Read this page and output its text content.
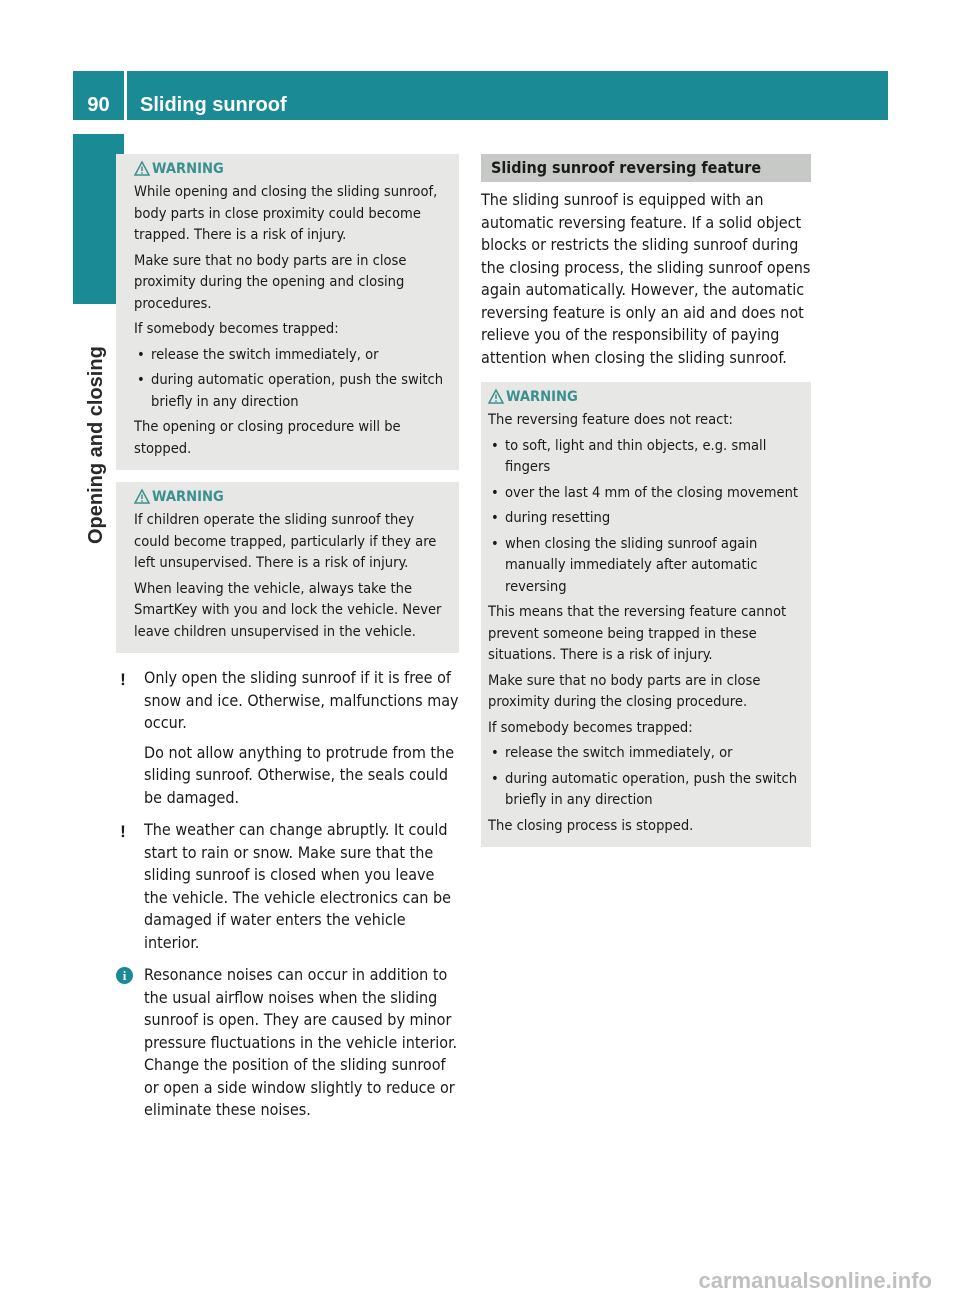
90	Sliding sunroof
Opening and closing
WARNING

While opening and closing the sliding sunroof, body parts in close proximity could become trapped. There is a risk of injury.

Make sure that no body parts are in close proximity during the opening and closing procedures.

If somebody becomes trapped:

• release the switch immediately, or
• during automatic operation, push the switch briefly in any direction

The opening or closing procedure will be stopped.

WARNING

If children operate the sliding sunroof they could become trapped, particularly if they are left unsupervised. There is a risk of injury.

When leaving the vehicle, always take the SmartKey with you and lock the vehicle. Never leave children unsupervised in the vehicle.

! Only open the sliding sunroof if it is free of snow and ice. Otherwise, malfunctions may occur.

Do not allow anything to protrude from the sliding sunroof. Otherwise, the seals could be damaged.

! The weather can change abruptly. It could start to rain or snow. Make sure that the sliding sunroof is closed when you leave the vehicle. The vehicle electronics can be damaged if water enters the vehicle interior.

i	Resonance noises can occur in addition to the usual airflow noises when the sliding sunroof is open. They are caused by minor pressure fluctuations in the vehicle interior. Change the position of the sliding sunroof or open a side window slightly to reduce or eliminate these noises.

Sliding sunroof reversing feature

The sliding sunroof is equipped with an automatic reversing feature. If a solid object blocks or restricts the sliding sunroof during the closing process, the sliding sunroof opens again automatically. However, the automatic reversing feature is only an aid and does not relieve you of the responsibility of paying attention when closing the sliding sunroof.

WARNING

The reversing feature does not react:

• to soft, light and thin objects, e.g. small fingers
• over the last 4 mm of the closing movement
• during resetting
• when closing the sliding sunroof again manually immediately after automatic reversing

This means that the reversing feature cannot prevent someone being trapped in these situations. There is a risk of injury.

Make sure that no body parts are in close proximity during the closing procedure.

If somebody becomes trapped:

• release the switch immediately, or
• during automatic operation, push the switch briefly in any direction

The closing process is stopped.

carmanualsonline.info
